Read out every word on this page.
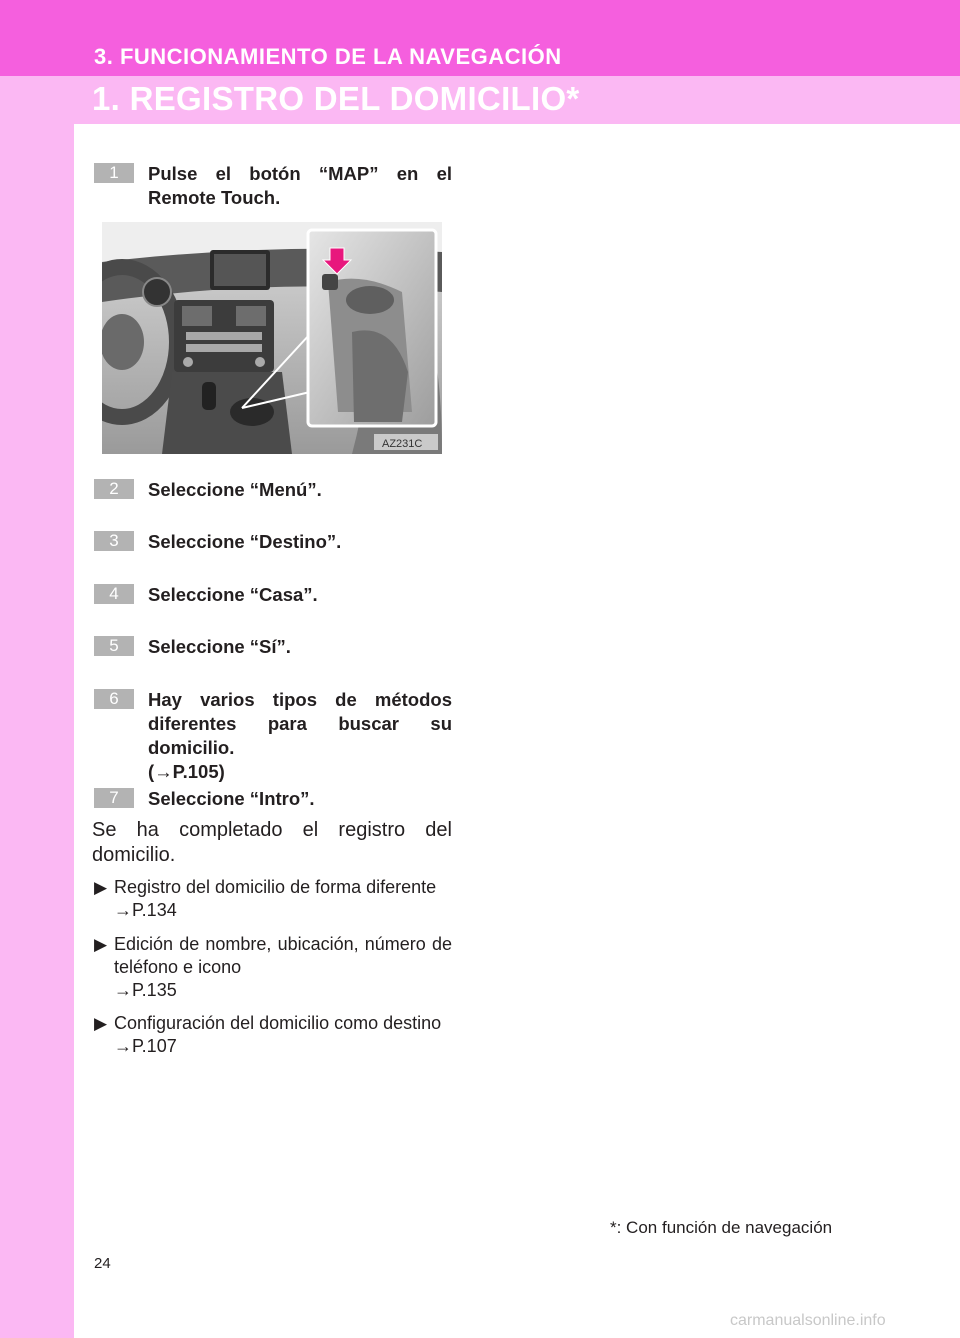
3. FUNCIONAMIENTO DE LA NAVEGACIÓN
1. REGISTRO DEL DOMICILIO*
1	Pulse el botón “MAP” en el Remote Touch.
AZ231C
2	Seleccione “Menú”.
3	Seleccione “Destino”.
4	Seleccione “Casa”.
5	Seleccione “Sí”.
6	Hay varios tipos de métodos diferentes para buscar su domicilio.
(→P.105)
7	Seleccione “Intro”.
Se ha completado el registro del domicilio.
▶ Registro del domicilio de forma diferente
→P.134
▶ Edición de nombre, ubicación, número de teléfono e icono
→P.135
▶ Configuración del domicilio como destino
→P.107
*: Con función de navegación
24
carmanualsonline.info
